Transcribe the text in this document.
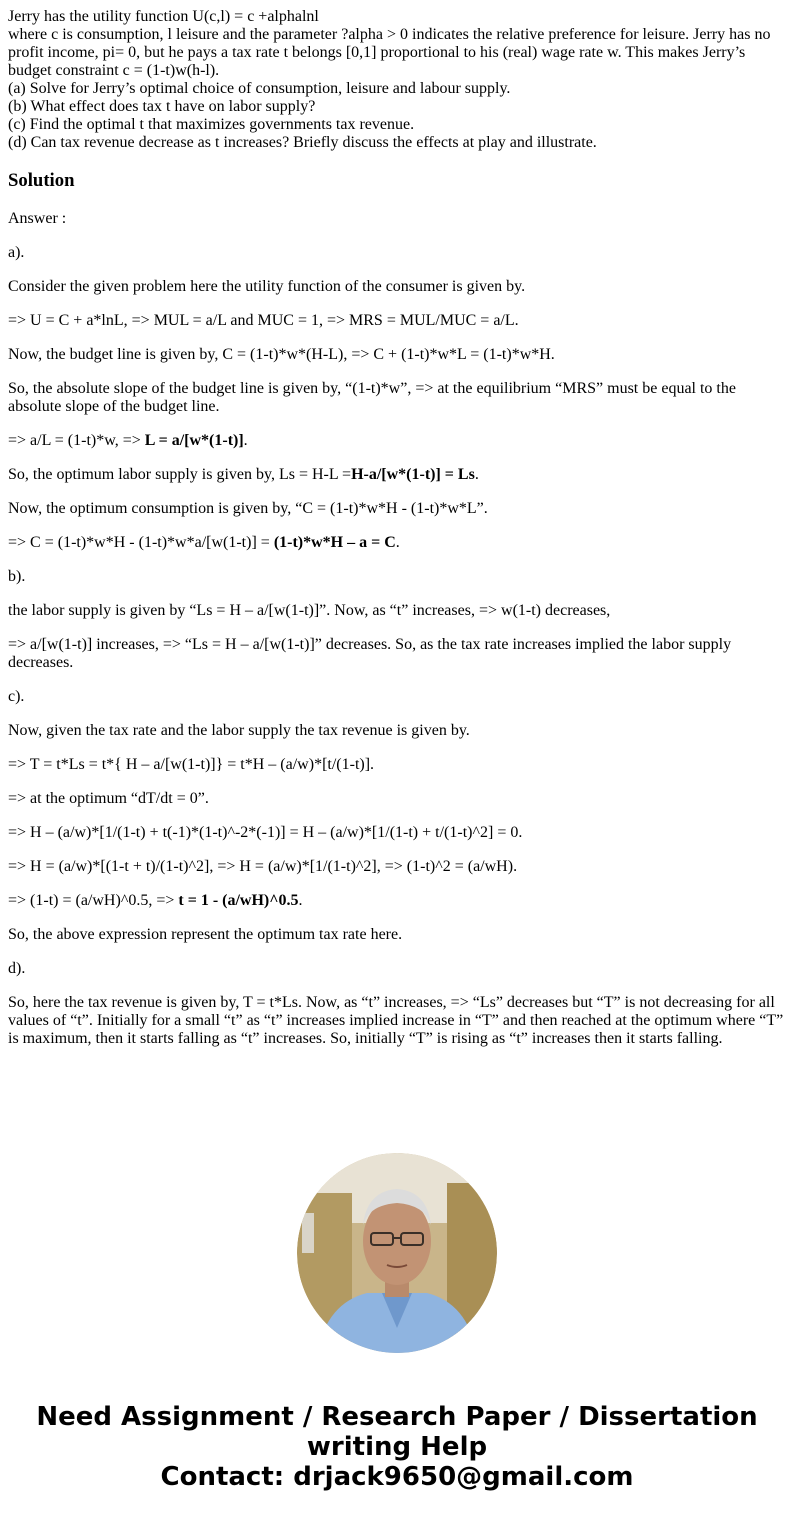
Jerry has the utility function U(c,l) = c +alphalnl

where c is consumption, l leisure and the parameter ?alpha > 0 indicates the relative preference for leisure. Jerry has no profit income, pi= 0, but he pays a tax rate t belongs [0,1] proportional to his (real) wage rate w. This makes Jerry’s budget constraint c = (1-t)w(h-l).

(a) Solve for Jerry’s optimal choice of consumption, leisure and labour supply.

(b) What effect does tax t have on labor supply?

(c) Find the optimal t that maximizes governments tax revenue.

(d) Can tax revenue decrease as t increases? Briefly discuss the effects at play and illustrate.

Solution

Answer :

a).

Consider the given problem here the utility function of the consumer is given by.

=> U = C + a*lnL, => MUL = a/L and MUC = 1, => MRS = MUL/MUC = a/L.

Now, the budget line is given by, C = (1-t)*w*(H-L), => C + (1-t)*w*L = (1-t)*w*H.

So, the absolute slope of the budget line is given by, “(1-t)*w”, => at the equilibrium “MRS” must be equal to the absolute slope of the budget line.

=> a/L = (1-t)*w, => L = a/[w*(1-t)].

So, the optimum labor supply is given by, Ls = H-L =H-a/[w*(1-t)] = Ls.

Now, the optimum consumption is given by, “C = (1-t)*w*H - (1-t)*w*L”.

=> C = (1-t)*w*H - (1-t)*w*a/[w(1-t)] = (1-t)*w*H – a = C.

b).

the labor supply is given by “Ls = H – a/[w(1-t)]”. Now, as “t” increases, => w(1-t) decreases,

=> a/[w(1-t)] increases, => “Ls = H – a/[w(1-t)]” decreases. So, as the tax rate increases implied the labor supply decreases.

c).

Now, given the tax rate and the labor supply the tax revenue is given by.

=> T = t*Ls = t*{ H – a/[w(1-t)]} = t*H – (a/w)*[t/(1-t)].

=> at the optimum “dT/dt = 0”.

=> H – (a/w)*[1/(1-t) + t(-1)*(1-t)^-2*(-1)] = H – (a/w)*[1/(1-t) + t/(1-t)^2] = 0.

=> H = (a/w)*[(1-t + t)/(1-t)^2], => H = (a/w)*[1/(1-t)^2], => (1-t)^2 = (a/wH).

=> (1-t) = (a/wH)^0.5, => t = 1 - (a/wH)^0.5.

So, the above expression represent the optimum tax rate here.

d).

So, here the tax revenue is given by, T = t*Ls. Now, as “t” increases, => “Ls” decreases but “T” is not decreasing for all values of “t”. Initially for a small “t” as “t” increases implied increase in “T” and then reached at the optimum where “T” is maximum, then it starts falling as “t” increases. So, initially “T” is rising as “t” increases then it starts falling.

Need Assignment / Research Paper / Dissertation
writing Help
Contact: drjack9650@gmail.com
